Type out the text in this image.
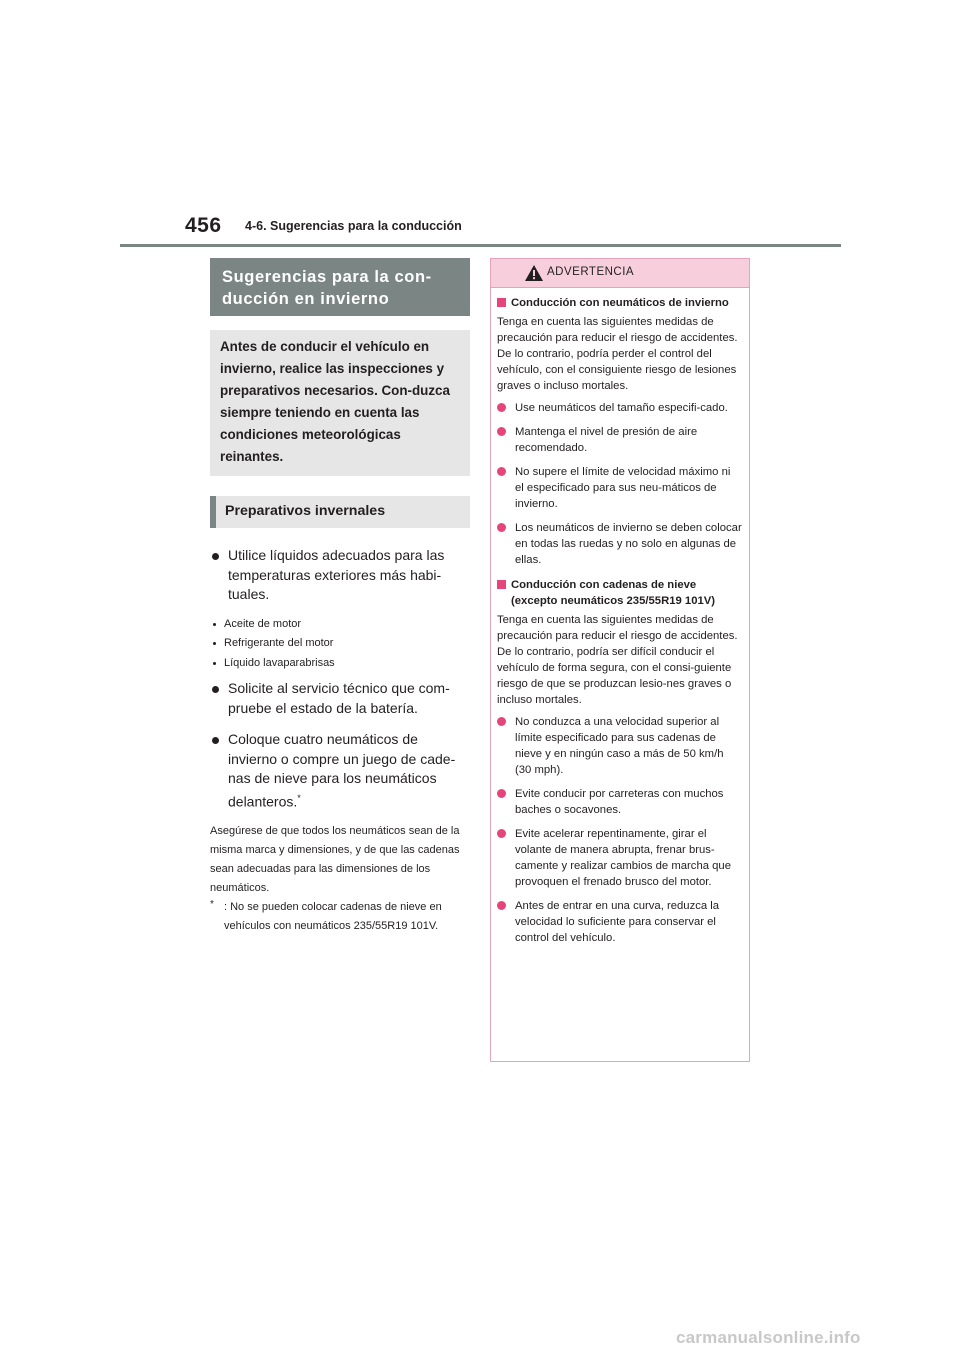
456 4-6. Sugerencias para la conducción
Sugerencias para la con-ducción en invierno
Antes de conducir el vehículo en invierno, realice las inspecciones y preparativos necesarios. Con-duzca siempre teniendo en cuenta las condiciones meteorológicas reinantes.
Preparativos invernales
Utilice líquidos adecuados para las temperaturas exteriores más habi-tuales.
Aceite de motor
Refrigerante del motor
Líquido lavaparabrisas
Solicite al servicio técnico que com-pruebe el estado de la batería.
Coloque cuatro neumáticos de invierno o compre un juego de cade-nas de nieve para los neumáticos delanteros.*
Asegúrese de que todos los neumáticos sean de la misma marca y dimensiones, y de que las cadenas sean adecuadas para las dimensiones de los neumáticos.
* : No se pueden colocar cadenas de nieve en vehículos con neumáticos 235/55R19 101V.
ADVERTENCIA
Conducción con neumáticos de invierno
Tenga en cuenta las siguientes medidas de precaución para reducir el riesgo de accidentes.
De lo contrario, podría perder el control del vehículo, con el consiguiente riesgo de lesiones graves o incluso mortales.
Use neumáticos del tamaño especifi-cado.
Mantenga el nivel de presión de aire recomendado.
No supere el límite de velocidad máximo ni el especificado para sus neu-máticos de invierno.
Los neumáticos de invierno se deben colocar en todas las ruedas y no solo en algunas de ellas.
Conducción con cadenas de nieve (excepto neumáticos 235/55R19 101V)
Tenga en cuenta las siguientes medidas de precaución para reducir el riesgo de accidentes.
De lo contrario, podría ser difícil conducir el vehículo de forma segura, con el consi-guiente riesgo de que se produzcan lesio-nes graves o incluso mortales.
No conduzca a una velocidad superior al límite especificado para sus cadenas de nieve y en ningún caso a más de 50 km/h (30 mph).
Evite conducir por carreteras con muchos baches o socavones.
Evite acelerar repentinamente, girar el volante de manera abrupta, frenar brus-camente y realizar cambios de marcha que provoquen el frenado brusco del motor.
Antes de entrar en una curva, reduzca la velocidad lo suficiente para conservar el control del vehículo.
carmanualsonline.info
